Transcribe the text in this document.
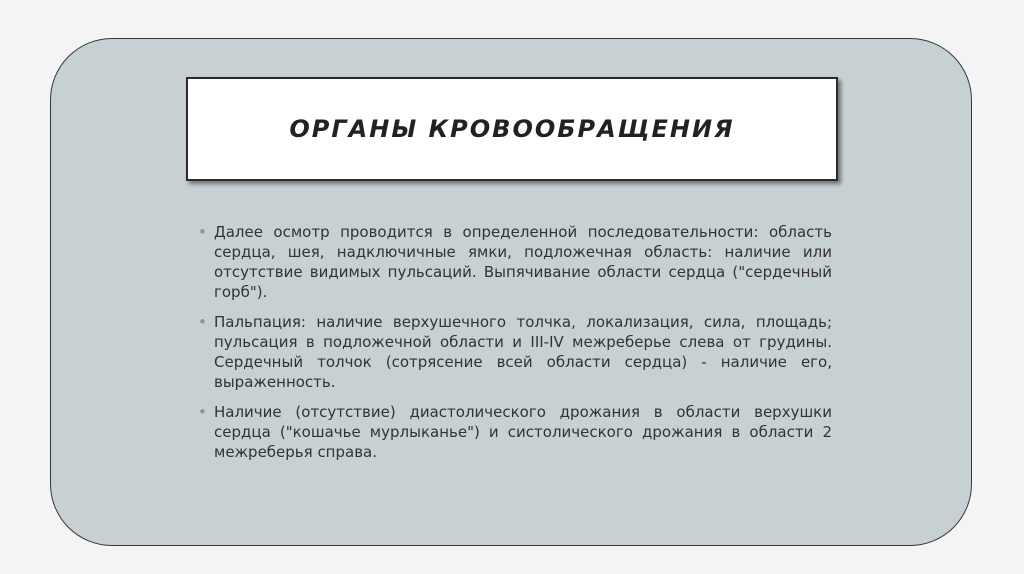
ОРГАНЫ КРОВООБРАЩЕНИЯ
• Далее осмотр проводится в определенной последовательности: область сердца, шея, надключичные ямки, подложечная область: наличие или отсутствие видимых пульсаций. Выпячивание области сердца ("сердечный горб").
• Пальпация: наличие верхушечного толчка, локализация, сила, площадь; пульсация в подложечной области и III-IV межреберье слева от грудины. Сердечный толчок (сотрясение всей области сердца) - наличие его, выраженность.
• Наличие (отсутствие) диастолического дрожания в области верхушки сердца ("кошачье мурлыканье") и систолического дрожания в области 2 межреберья справа.
